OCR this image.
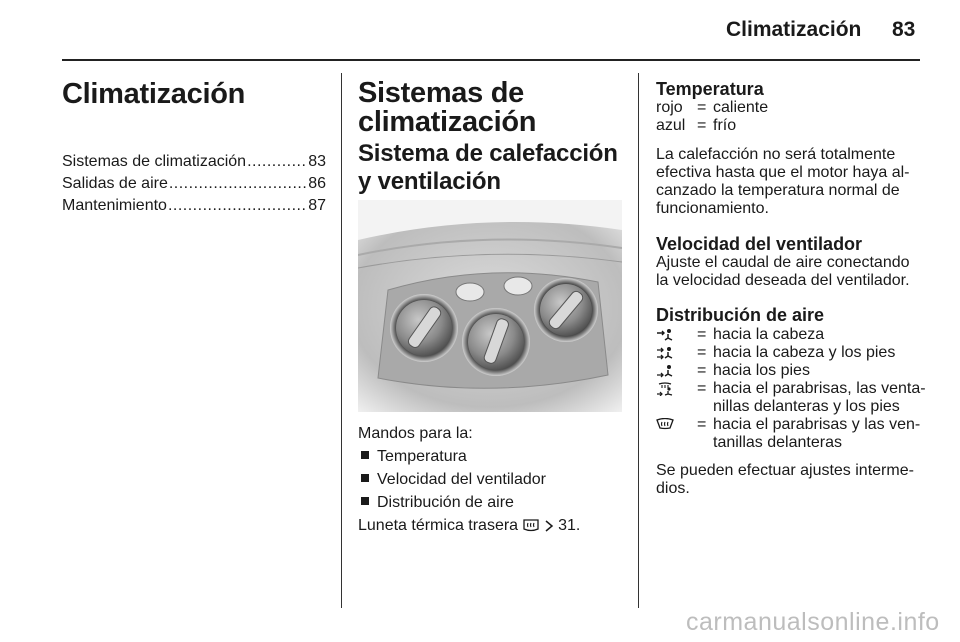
Climatización 83
Climatización
Sistemas de climatización .....	83
Salidas de aire .....	86
Mantenimiento .....	87
Sistemas de
climatización
Sistema de calefacción
y ventilación
Mandos para la:
Temperatura
Velocidad del ventilador
Distribución de aire
Luneta térmica trasera	31.
Temperatura
rojo = caliente
azul = frío
La calefacción no será totalmente
efectiva hasta que el motor haya al-
canzado la temperatura normal de
funcionamiento.
Velocidad del ventilador
Ajuste el caudal de aire conectando
la velocidad deseada del ventilador.
Distribución de aire
= hacia la cabeza
= hacia la cabeza y los pies
= hacia los pies
= hacia el parabrisas, las venta-
nillas delanteras y los pies
= hacia el parabrisas y las ven-
tanillas delanteras
Se pueden efectuar ajustes interme-
dios.
carmanualsonline.info
